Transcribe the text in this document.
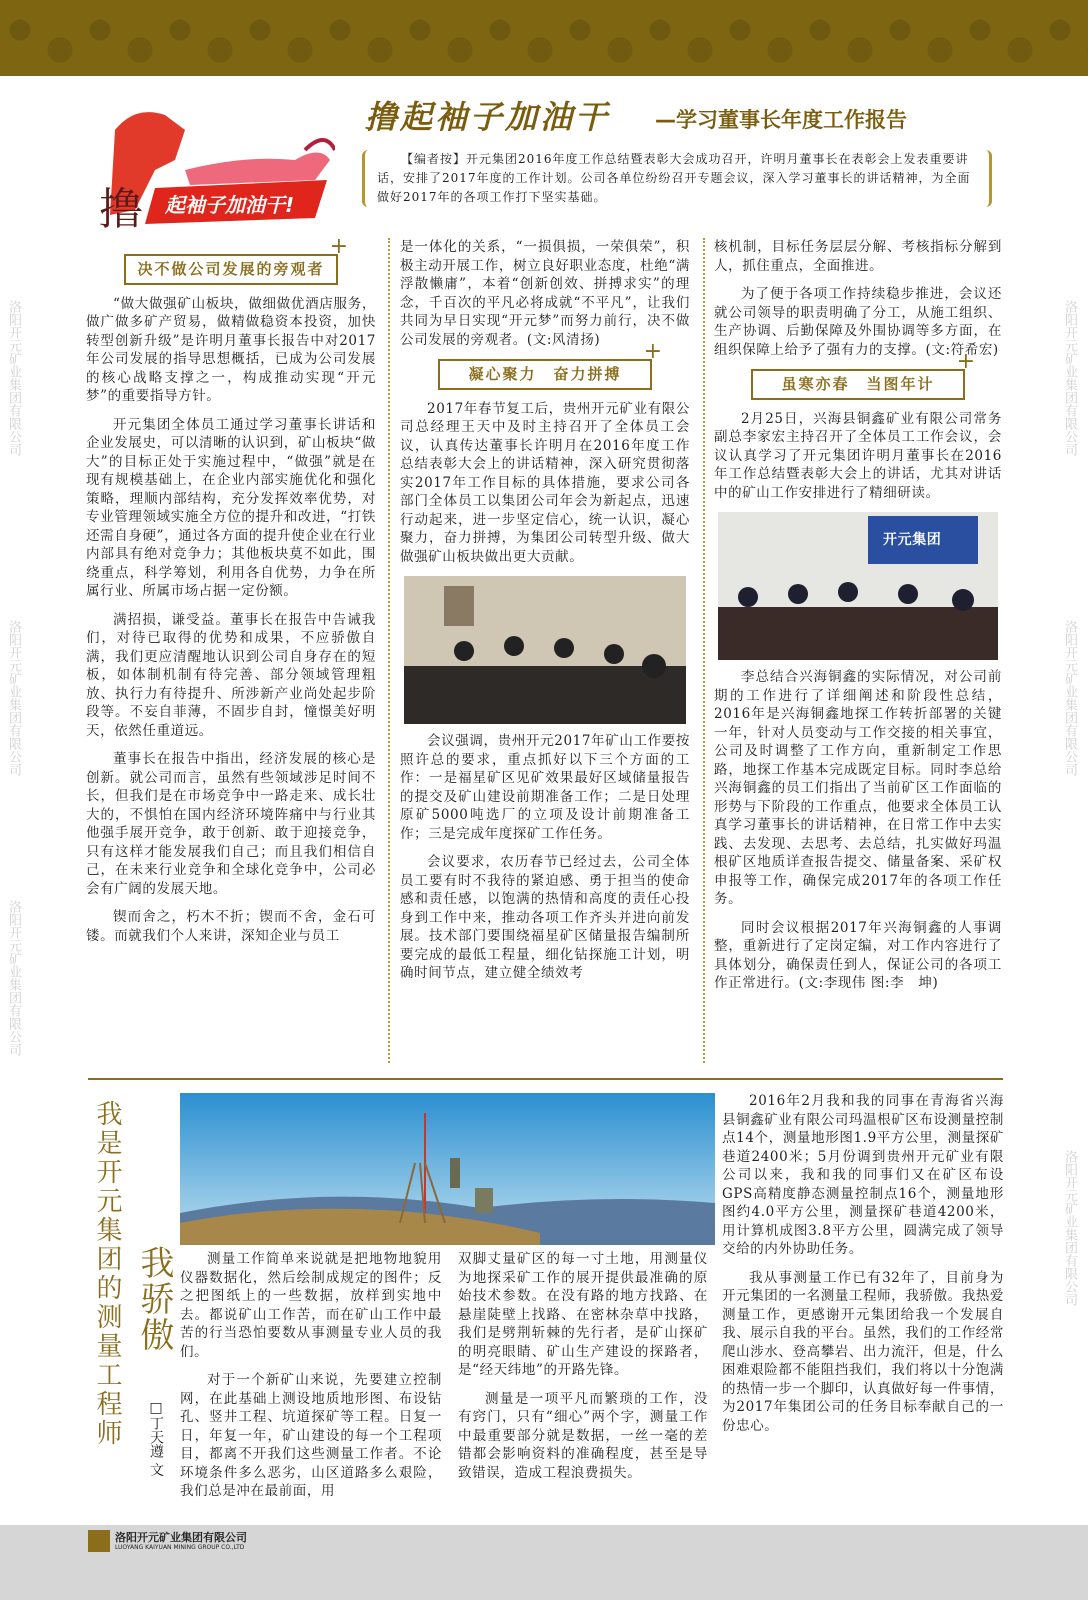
洛阳开元矿业集团有限公司
洛阳开元矿业集团有限公司
洛阳开元矿业集团有限公司
洛阳开元矿业集团有限公司
洛阳开元矿业集团有限公司
洛阳开元矿业集团有限公司
起袖子加油干!
撸
撸起袖子加油干 —学习董事长年度工作报告
【编者按】开元集团2016年度工作总结暨表彰大会成功召开，许明月董事长在表彰会上发表重要讲话，安排了2017年度的工作计划。公司各单位纷纷召开专题会议，深入学习董事长的讲话精神，为全面做好2017年的各项工作打下坚实基础。
决不做公司发展的旁观者 +

“做大做强矿山板块，做细做优酒店服务，做广做多矿产贸易，做精做稳资本投资，加快转型创新升级”是许明月董事长报告中对2017年公司发展的指导思想概括，已成为公司发展的核心战略支撑之一，构成推动实现“开元梦”的重要指导方针。

开元集团全体员工通过学习董事长讲话和企业发展史，可以清晰的认识到，矿山板块“做大”的目标正处于实施过程中，“做强”就是在现有规模基础上，在企业内部实施优化和强化策略，理顺内部结构，充分发挥效率优势，对专业管理领域实施全方位的提升和改进，“打铁还需自身硬”，通过各方面的提升使企业在行业内部具有绝对竞争力；其他板块莫不如此，围绕重点，科学筹划，利用各自优势，力争在所属行业、所属市场占据一定份额。

满招损，谦受益。董事长在报告中告诫我们，对待已取得的优势和成果，不应骄傲自满，我们更应清醒地认识到公司自身存在的短板，如体制机制有待完善、部分领域管理粗放、执行力有待提升、所涉新产业尚处起步阶段等。不妄自菲薄，不固步自封，憧憬美好明天，依然任重道远。

董事长在报告中指出，经济发展的核心是创新。就公司而言，虽然有些领域涉足时间不长，但我们是在市场竞争中一路走来、成长壮大的，不惧怕在国内经济环境阵痛中与行业其他强手展开竞争，敢于创新、敢于迎接竞争，只有这样才能发展我们自己；而且我们相信自己，在未来行业竞争和全球化竞争中，公司必会有广阔的发展天地。

锲而舍之，朽木不折；锲而不舍，金石可镂。而就我们个人来讲，深知企业与员工

是一体化的关系，“一损俱损，一荣俱荣”，积极主动开展工作，树立良好职业态度，杜绝“满浮散懒庸”，本着“创新创效、拼搏求实”的理念，千百次的平凡必将成就“不平凡”，让我们共同为早日实现“开元梦”而努力前行，决不做公司发展的旁观者。(文:风清扬)

凝心聚力　奋力拼搏 +

2017年春节复工后，贵州开元矿业有限公司总经理王天中及时主持召开了全体员工会议，认真传达董事长许明月在2016年度工作总结表彰大会上的讲话精神，深入研究贯彻落实2017年工作目标的具体措施，要求公司各部门全体员工以集团公司年会为新起点，迅速行动起来，进一步坚定信心，统一认识，凝心聚力，奋力拼搏，为集团公司转型升级、做大做强矿山板块做出更大贡献。

会议强调，贵州开元2017年矿山工作要按照许总的要求，重点抓好以下三个方面的工作：一是福星矿区见矿效果最好区域储量报告的提交及矿山建设前期准备工作；二是日处理原矿5000吨选厂的立项及设计前期准备工作；三是完成年度探矿工作任务。

会议要求，农历春节已经过去，公司全体员工要有时不我待的紧迫感、勇于担当的使命感和责任感，以饱满的热情和高度的责任心投身到工作中来，推动各项工作齐头并进向前发展。技术部门要围绕福星矿区储量报告编制所要完成的最低工程量，细化钻探施工计划，明确时间节点，建立健全绩效考

核机制，目标任务层层分解、考核指标分解到人，抓住重点，全面推进。

为了便于各项工作持续稳步推进，会议还就公司领导的职责明确了分工，从施工组织、生产协调、后勤保障及外围协调等多方面，在组织保障上给予了强有力的支撑。(文:符希宏)

虽寒亦春　当图年计 +

2月25日，兴海县铜鑫矿业有限公司常务副总李家宏主持召开了全体员工工作会议，会议认真学习了开元集团许明月董事长在2016年工作总结暨表彰大会上的讲话，尤其对讲话中的矿山工作安排进行了精细研读。

开元集团

李总结合兴海铜鑫的实际情况，对公司前期的工作进行了详细阐述和阶段性总结，2016年是兴海铜鑫地探工作转折部署的关键一年，针对人员变动与工作交接的相关事宜，公司及时调整了工作方向，重新制定工作思路，地探工作基本完成既定目标。同时李总给兴海铜鑫的员工们指出了当前矿区工作面临的形势与下阶段的工作重点，他要求全体员工认真学习董事长的讲话精神，在日常工作中去实践、去发现、去思考、去总结，扎实做好玛温根矿区地质详查报告提交、储量备案、采矿权申报等工作，确保完成2017年的各项工作任务。

同时会议根据2017年兴海铜鑫的人事调整，重新进行了定岗定编，对工作内容进行了具体划分，确保责任到人，保证公司的各项工作正常进行。(文:李现伟 图:李　坤)

我是开元集团的测量工程师 我骄傲
□丁天遵 文

测量工作简单来说就是把地物地貌用仪器数据化，然后绘制成规定的图件；反之把图纸上的一些数据，放样到实地中去。都说矿山工作苦，而在矿山工作中最苦的行当恐怕要数从事测量专业人员的我们。

对于一个新矿山来说，先要建立控制网，在此基础上测设地质地形图、布设钻孔、竖井工程、坑道探矿等工程。日复一日，年复一年，矿山建设的每一个工程项目，都离不开我们这些测量工作者。不论环境条件多么恶劣，山区道路多么艰险，我们总是冲在最前面，用

双脚丈量矿区的每一寸土地，用测量仪为地探采矿工作的展开提供最准确的原始技术参数。在没有路的地方找路、在悬崖陡壁上找路、在密林杂草中找路，我们是劈荆斩棘的先行者，是矿山探矿的明亮眼睛、矿山生产建设的探路者，是“经天纬地”的开路先锋。

测量是一项平凡而繁琐的工作，没有窍门，只有“细心”两个字，测量工作中最重要部分就是数据，一丝一毫的差错都会影响资料的准确程度，甚至是导致错误，造成工程浪费损失。

2016年2月我和我的同事在青海省兴海县铜鑫矿业有限公司玛温根矿区布设测量控制点14个，测量地形图1.9平方公里，测量探矿巷道2400米；5月份调到贵州开元矿业有限公司以来，我和我的同事们又在矿区布设GPS高精度静态测量控制点16个，测量地形图约4.0平方公里，测量探矿巷道4200米，用计算机成图3.8平方公里，圆满完成了领导交给的内外协助任务。

我从事测量工作已有32年了，目前身为开元集团的一名测量工程师，我骄傲。我热爱测量工作，更感谢开元集团给我一个发展自我、展示自我的平台。虽然，我们的工作经常爬山涉水、登高攀岩、出力流汗，但是，什么困难艰险都不能阻挡我们，我们将以十分饱满的热情一步一个脚印，认真做好每一件事情，为2017年集团公司的任务目标奉献自己的一份忠心。

洛阳开元矿业集团有限公司
LUOYANG KAIYUAN MINING GROUP CO.,LTD
